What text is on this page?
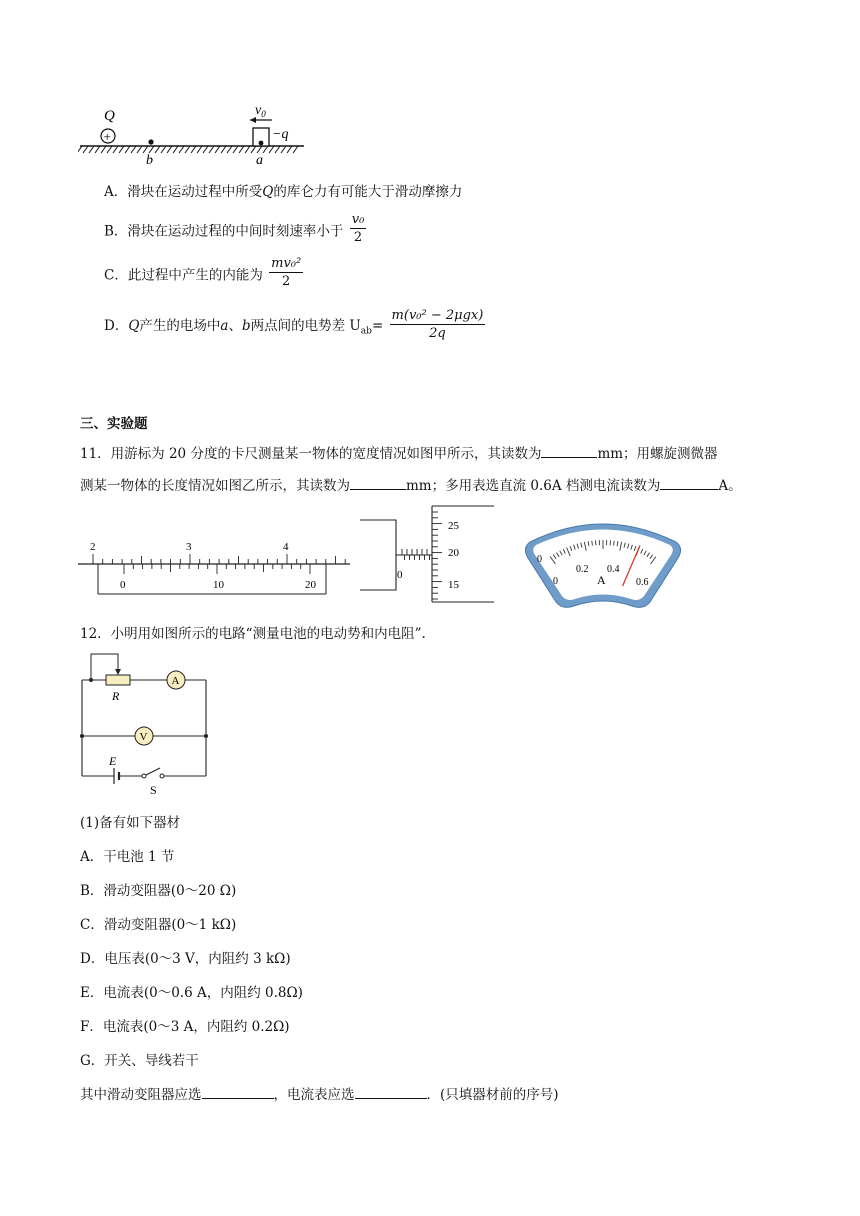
Q
+
b	a
−q
$v_0$
A．滑块在运动过程中所受Q的库仑力有可能大于滑动摩擦力
B．滑块在运动过程的中间时刻速率小于 $\frac{\text{v₀}}{2}$
C．此过程中产生的内能为 $\frac{\text{mv₀²}}{2}$
D．Q产生的电场中a、b两点间的电势差 $U_{ab}= \frac{\text{m(v₀² − 2μgx)}}{2q}$
三、实验题
11．用游标为 20 分度的卡尺测量某一物体的宽度情况如图甲所示，其读数为	mm；用螺旋测微器
测某一物体的长度情况如图乙所示，其读数为	mm；多用表选直流 0.6A 档测电流读数为	A。
2	3	4
0	10	20
25
20
15
0
0
0
0.2 0.4
0.6
A
12．小明用如图所示的电路“测量电池的电动势和内电阻”.
A
R
V
E
S
(1)备有如下器材
A．干电池 1 节
B．滑动变阻器(0～20 Ω)
C．滑动变阻器(0～1 kΩ)
D．电压表(0～3 V，内阻约 3 kΩ)
E．电流表(0～0.6 A，内阻约 0.8Ω)
F．电流表(0～3 A，内阻约 0.2Ω)
G．开关、导线若干
其中滑动变阻器应选	，电流表应选	．(只填器材前的序号)
